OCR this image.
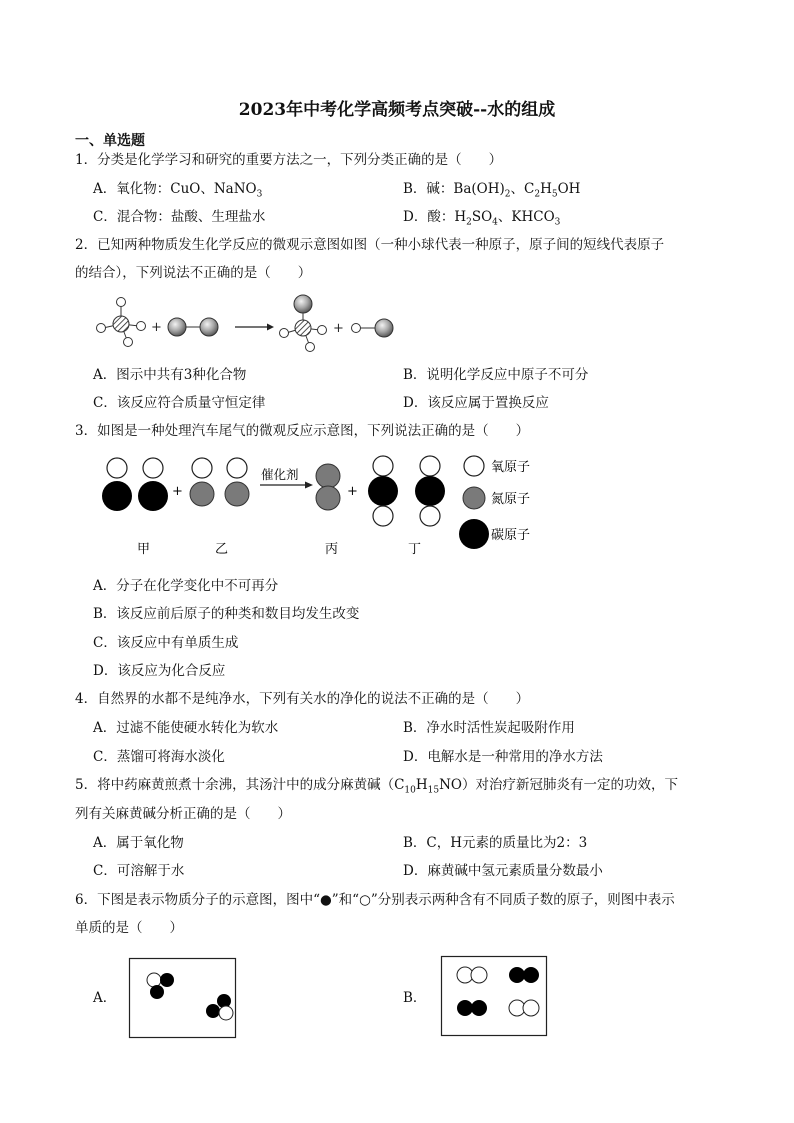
2023年中考化学高频考点突破--水的组成
一、单选题
1．分类是化学学习和研究的重要方法之一，下列分类正确的是（　　）
A．氧化物：CuO、NaNO$_3$	B．碱：$Ba(OH)_2$、$C_2H_5OH$
C．混合物：盐酸、生理盐水	D．酸：$H_2SO_4$、$KHCO_3$
2．已知两种物质发生化学反应的微观示意图如图（一种小球代表一种原子，原子间的短线代表原子
的结合），下列说法不正确的是（　　）
+	+
A．图示中共有3种化合物	B．说明化学反应中原子不可分
C．该反应符合质量守恒定律	D．该反应属于置换反应
3．如图是一种处理汽车尾气的微观反应示意图，下列说法正确的是（　　）
+
催化剂
+
氧原子
氮原子
碳原子
甲	乙	丙	丁
A．分子在化学变化中不可再分
B．该反应前后原子的种类和数目均发生改变
C．该反应中有单质生成
D．该反应为化合反应
4．自然界的水都不是纯净水，下列有关水的净化的说法不正确的是（　　）
A．过滤不能使硬水转化为软水	B．净水时活性炭起吸附作用
C．蒸馏可将海水淡化	D．电解水是一种常用的净水方法
5．将中药麻黄煎煮十余沸，其汤汁中的成分麻黄碱$(C_{10}H_{15}NO)$对治疗新冠肺炎有一定的功效，下
列有关麻黄碱分析正确的是（　　）
A．属于氧化物	B．C，H元素的质量比为2：3
C．可溶解于水	D．麻黄碱中氢元素质量分数最小
6．下图是表示物质分子的示意图，图中“●”和“○”分别表示两种含有不同质子数的原子，则图中表示
单质的是（　　）
A．	B．
